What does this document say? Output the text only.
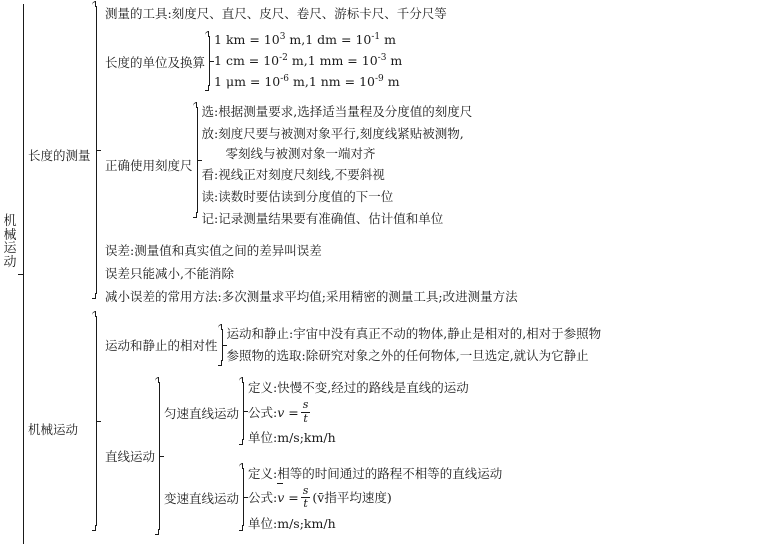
机
械
运
动
长度的测量
测量的工具:刻度尺、直尺、皮尺、卷尺、游标卡尺、千分尺等
长度的单位及换算
1 km = $10^3$ m,1 dm = $10^{-1}$ m
1 cm = $10^{-2}$ m,1 mm = $10^{-3}$ m
1 $\mu m = 10^{-6}$ m,1 nm = $10^{-9}$ m
正确使用刻度尺
选:根据测量要求,选择适当量程及分度值的刻度尺
放:刻度尺要与被测对象平行,刻度线紧贴被测物,
零刻线与被测对象一端对齐
看:视线正对刻度尺刻线,不要斜视
读:读数时要估读到分度值的下一位
记:记录测量结果要有准确值、估计值和单位
误差:测量值和真实值之间的差异叫误差
误差只能减小,不能消除
减小误差的常用方法:多次测量求平均值;采用精密的测量工具;改进测量方法
机械运动
运动和静止的相对性
运动和静止:宇宙中没有真正不动的物体,静止是相对的,相对于参照物
参照物的选取:除研究对象之外的任何物体,一旦选定,就认为它静止
直线运动
匀速直线运动
定义:快慢不变,经过的路线是直线的运动
公式:v = $\frac{s}{t}$
单位:m/s;km/h
变速直线运动
定义:相等的时间通过的路程不相等的直线运动
公式:v = $\frac{s}{t}$ (v̄指平均速度)
单位:m/s;km/h
